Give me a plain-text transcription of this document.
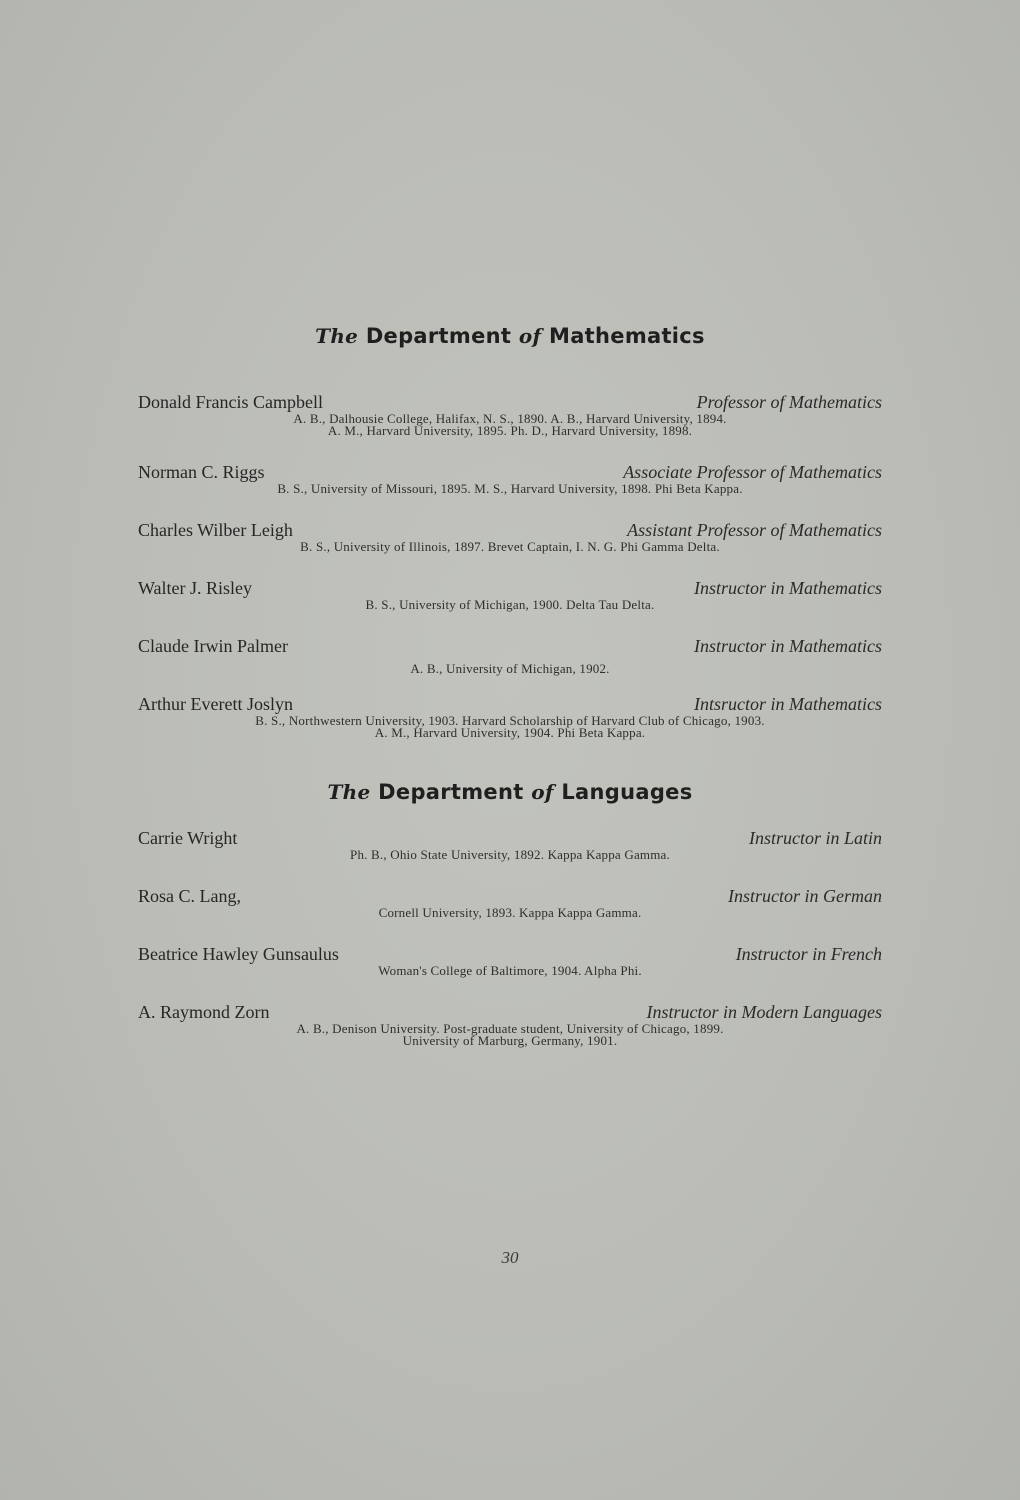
The Department of Mathematics
Donald Francis Campbell	Professor of Mathematics
A. B., Dalhousie College, Halifax, N. S., 1890. A. B., Harvard University, 1894.
A. M., Harvard University, 1895. Ph. D., Harvard University, 1898.
Norman C. Riggs	Associate Professor of Mathematics
B. S., University of Missouri, 1895. M. S., Harvard University, 1898. Phi Beta Kappa.
Charles Wilber Leigh	Assistant Professor of Mathematics
B. S., University of Illinois, 1897. Brevet Captain, I. N. G. Phi Gamma Delta.
Walter J. Risley	Instructor in Mathematics
B. S., University of Michigan, 1900. Delta Tau Delta.
Claude Irwin Palmer	Instructor in Mathematics
A. B., University of Michigan, 1902.
Arthur Everett Joslyn	Intsructor in Mathematics
B. S., Northwestern University, 1903. Harvard Scholarship of Harvard Club of Chicago, 1903.
A. M., Harvard University, 1904. Phi Beta Kappa.
The Department of Languages
Carrie Wright	Instructor in Latin
Ph. B., Ohio State University, 1892. Kappa Kappa Gamma.
Rosa C. Lang,	Instructor in German
Cornell University, 1893. Kappa Kappa Gamma.
Beatrice Hawley Gunsaulus	Instructor in French
Woman's College of Baltimore, 1904. Alpha Phi.
A. Raymond Zorn	Instructor in Modern Languages
A. B., Denison University. Post-graduate student, University of Chicago, 1899.
University of Marburg, Germany, 1901.
30
